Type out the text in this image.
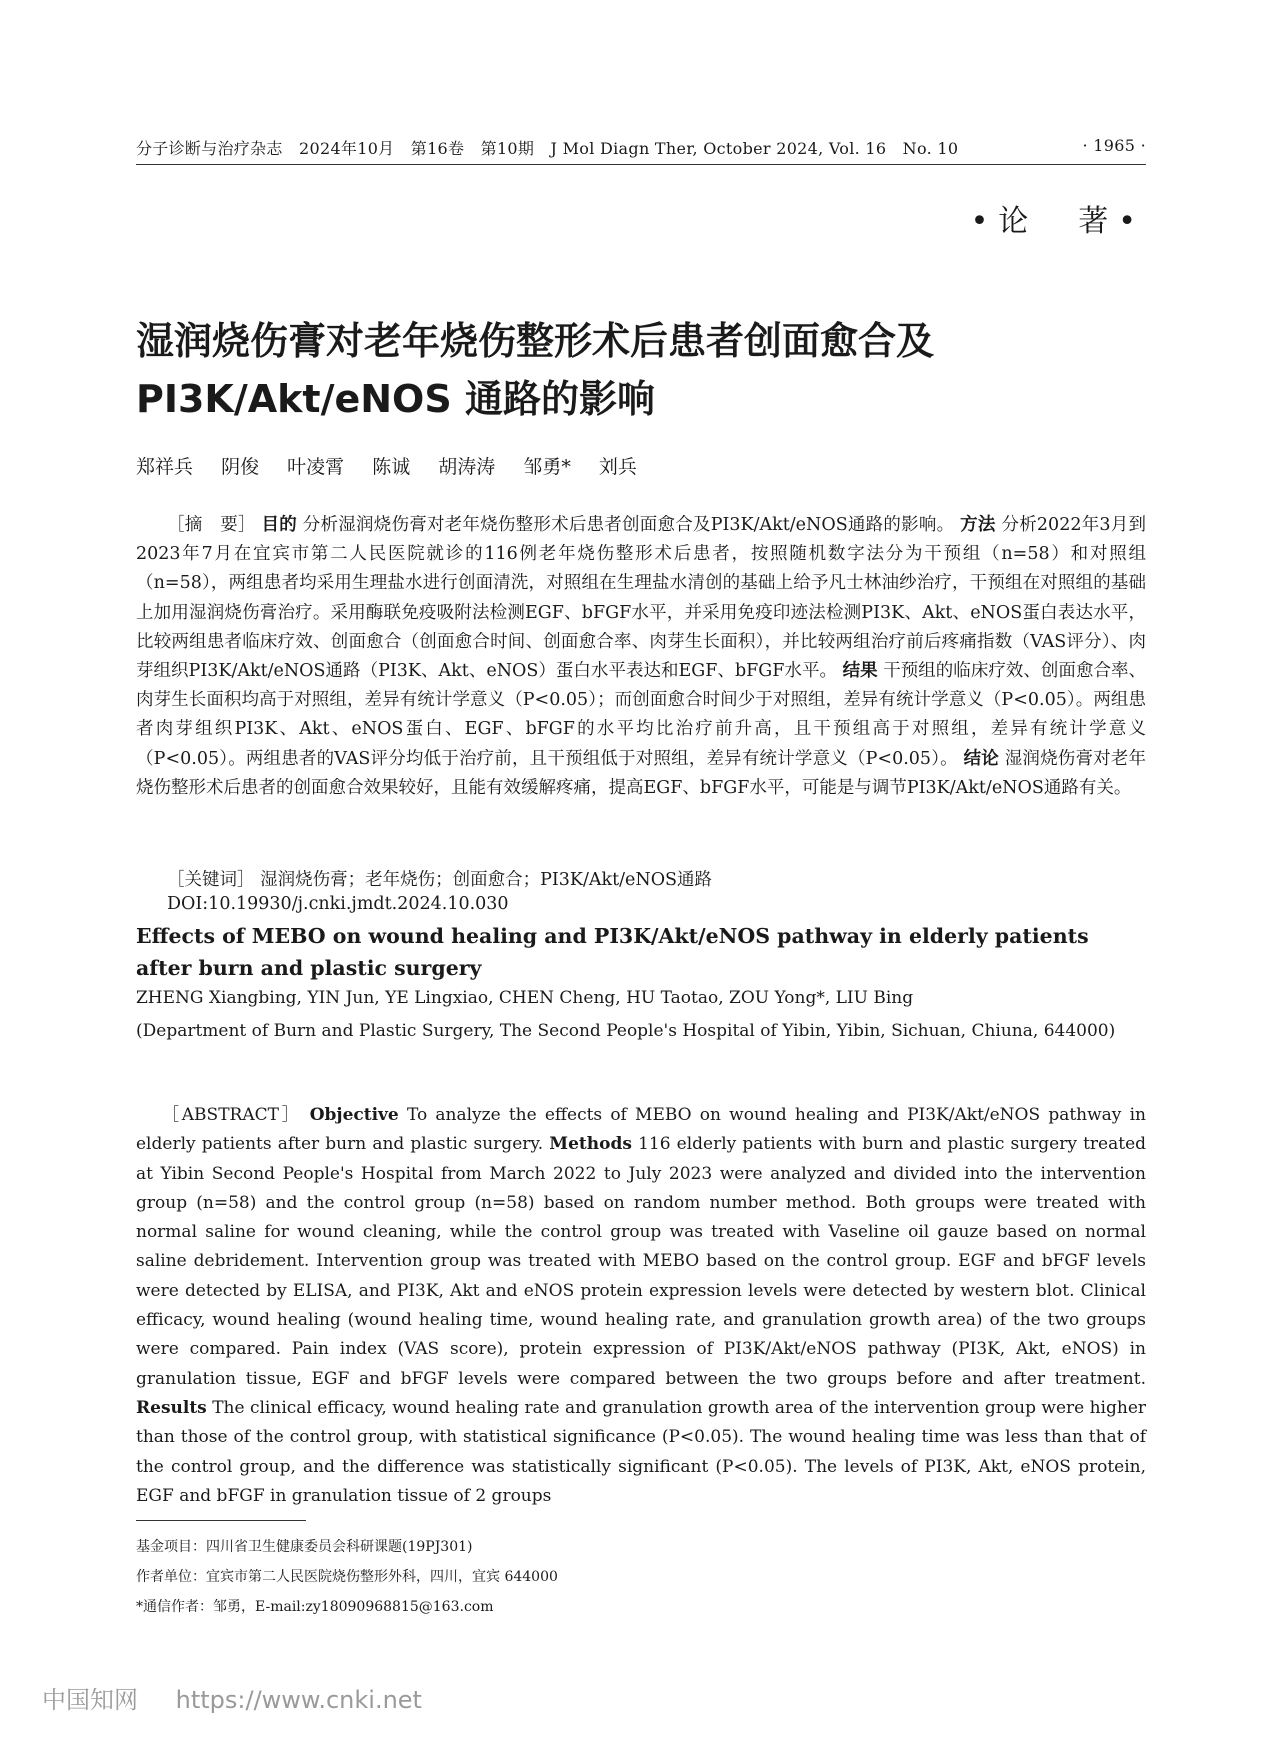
分子诊断与治疗杂志　2024年10月　第16卷　第10期　J Mol Diagn Ther, October 2024, Vol. 16　No. 10	· 1965 ·
•论　著•
湿润烧伤膏对老年烧伤整形术后患者创面愈合及 PI3K/Akt/eNOS 通路的影响
郑祥兵 阴俊 叶凌霄 陈诚 胡涛涛 邹勇* 刘兵
［摘　要］ 目的 分析湿润烧伤膏对老年烧伤整形术后患者创面愈合及PI3K/Akt/eNOS通路的影响。 方法 分析2022年3月到2023年7月在宜宾市第二人民医院就诊的116例老年烧伤整形术后患者，按照随机数字法分为干预组（n=58）和对照组（n=58），两组患者均采用生理盐水进行创面清洗，对照组在生理盐水清创的基础上给予凡士林油纱治疗，干预组在对照组的基础上加用湿润烧伤膏治疗。采用酶联免疫吸附法检测EGF、bFGF水平，并采用免疫印迹法检测PI3K、Akt、eNOS蛋白表达水平，比较两组患者临床疗效、创面愈合（创面愈合时间、创面愈合率、肉芽生长面积），并比较两组治疗前后疼痛指数（VAS评分）、肉芽组织PI3K/Akt/eNOS通路（PI3K、Akt、eNOS）蛋白水平表达和EGF、bFGF水平。 结果 干预组的临床疗效、创面愈合率、肉芽生长面积均高于对照组，差异有统计学意义（P<0.05）；而创面愈合时间少于对照组，差异有统计学意义（P<0.05）。两组患者肉芽组织PI3K、Akt、eNOS蛋白、EGF、bFGF的水平均比治疗前升高，且干预组高于对照组，差异有统计学意义（P<0.05）。两组患者的VAS评分均低于治疗前，且干预组低于对照组，差异有统计学意义（P<0.05）。 结论 湿润烧伤膏对老年烧伤整形术后患者的创面愈合效果较好，且能有效缓解疼痛，提高EGF、bFGF水平，可能是与调节PI3K/Akt/eNOS通路有关。
［关键词］ 湿润烧伤膏；老年烧伤；创面愈合；PI3K/Akt/eNOS通路
DOI:10.19930/j.cnki.jmdt.2024.10.030
Effects of MEBO on wound healing and PI3K/Akt/eNOS pathway in elderly patients after burn and plastic surgery
ZHENG Xiangbing, YIN Jun, YE Lingxiao, CHEN Cheng, HU Taotao, ZOU Yong*, LIU Bing
(Department of Burn and Plastic Surgery, The Second People's Hospital of Yibin, Yibin, Sichuan, Chiuna, 644000)
［ABSTRACT］ Objective To analyze the effects of MEBO on wound healing and PI3K/Akt/eNOS pathway in elderly patients after burn and plastic surgery. Methods 116 elderly patients with burn and plastic surgery treated at Yibin Second People's Hospital from March 2022 to July 2023 were analyzed and divided into the intervention group (n=58) and the control group (n=58) based on random number method. Both groups were treated with normal saline for wound cleaning, while the control group was treated with Vaseline oil gauze based on normal saline debridement. Intervention group was treated with MEBO based on the control group. EGF and bFGF levels were detected by ELISA, and PI3K, Akt and eNOS protein expression levels were detected by western blot. Clinical efficacy, wound healing (wound healing time, wound healing rate, and granulation growth area) of the two groups were compared. Pain index (VAS score), protein expression of PI3K/Akt/eNOS pathway (PI3K, Akt, eNOS) in granulation tissue, EGF and bFGF levels were compared between the two groups before and after treatment. Results The clinical efficacy, wound healing rate and granulation growth area of the intervention group were higher than those of the control group, with statistical significance (P<0.05). The wound healing time was less than that of the control group, and the difference was statistically significant (P<0.05). The levels of PI3K, Akt, eNOS protein, EGF and bFGF in granulation tissue of 2 groups
基金项目：四川省卫生健康委员会科研课题(19PJ301)
作者单位：宜宾市第二人民医院烧伤整形外科，四川，宜宾 644000
*通信作者：邹勇，E-mail:zy18090968815@163.com
中国知网 https://www.cnki.net
